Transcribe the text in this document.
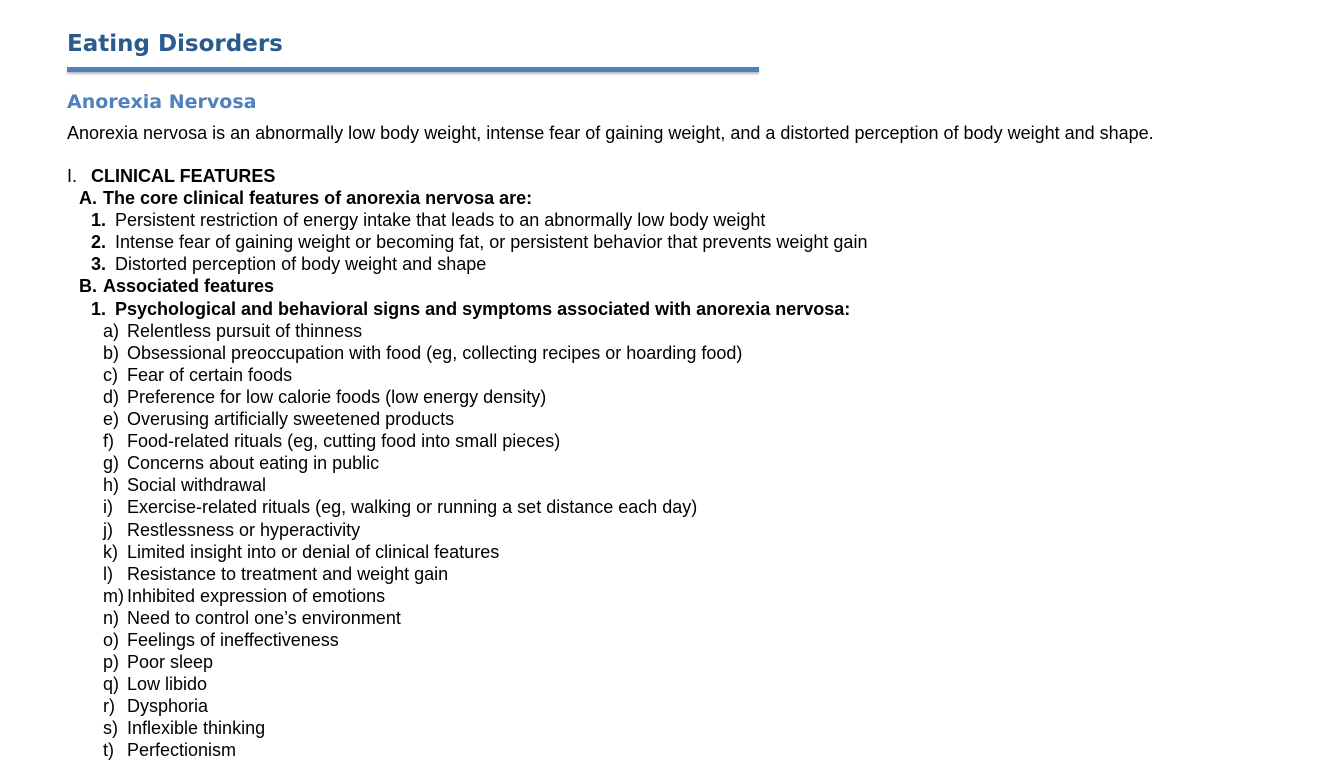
Eating Disorders
Anorexia Nervosa

Anorexia nervosa is an abnormally low body weight, intense fear of gaining weight, and a distorted perception of body weight and shape.

I. CLINICAL FEATURES
A. The core clinical features of anorexia nervosa are:
1. Persistent restriction of energy intake that leads to an abnormally low body weight
2. Intense fear of gaining weight or becoming fat, or persistent behavior that prevents weight gain
3. Distorted perception of body weight and shape
B. Associated features
1. Psychological and behavioral signs and symptoms associated with anorexia nervosa:
a) Relentless pursuit of thinness
b) Obsessional preoccupation with food (eg, collecting recipes or hoarding food)
c) Fear of certain foods
d) Preference for low calorie foods (low energy density)
e) Overusing artificially sweetened products
f) Food-related rituals (eg, cutting food into small pieces)
g) Concerns about eating in public
h) Social withdrawal
i) Exercise-related rituals (eg, walking or running a set distance each day)
j) Restlessness or hyperactivity
k) Limited insight into or denial of clinical features
l) Resistance to treatment and weight gain
m) Inhibited expression of emotions
n) Need to control one’s environment
o) Feelings of ineffectiveness
p) Poor sleep
q) Low libido
r) Dysphoria
s) Inflexible thinking
t) Perfectionism
